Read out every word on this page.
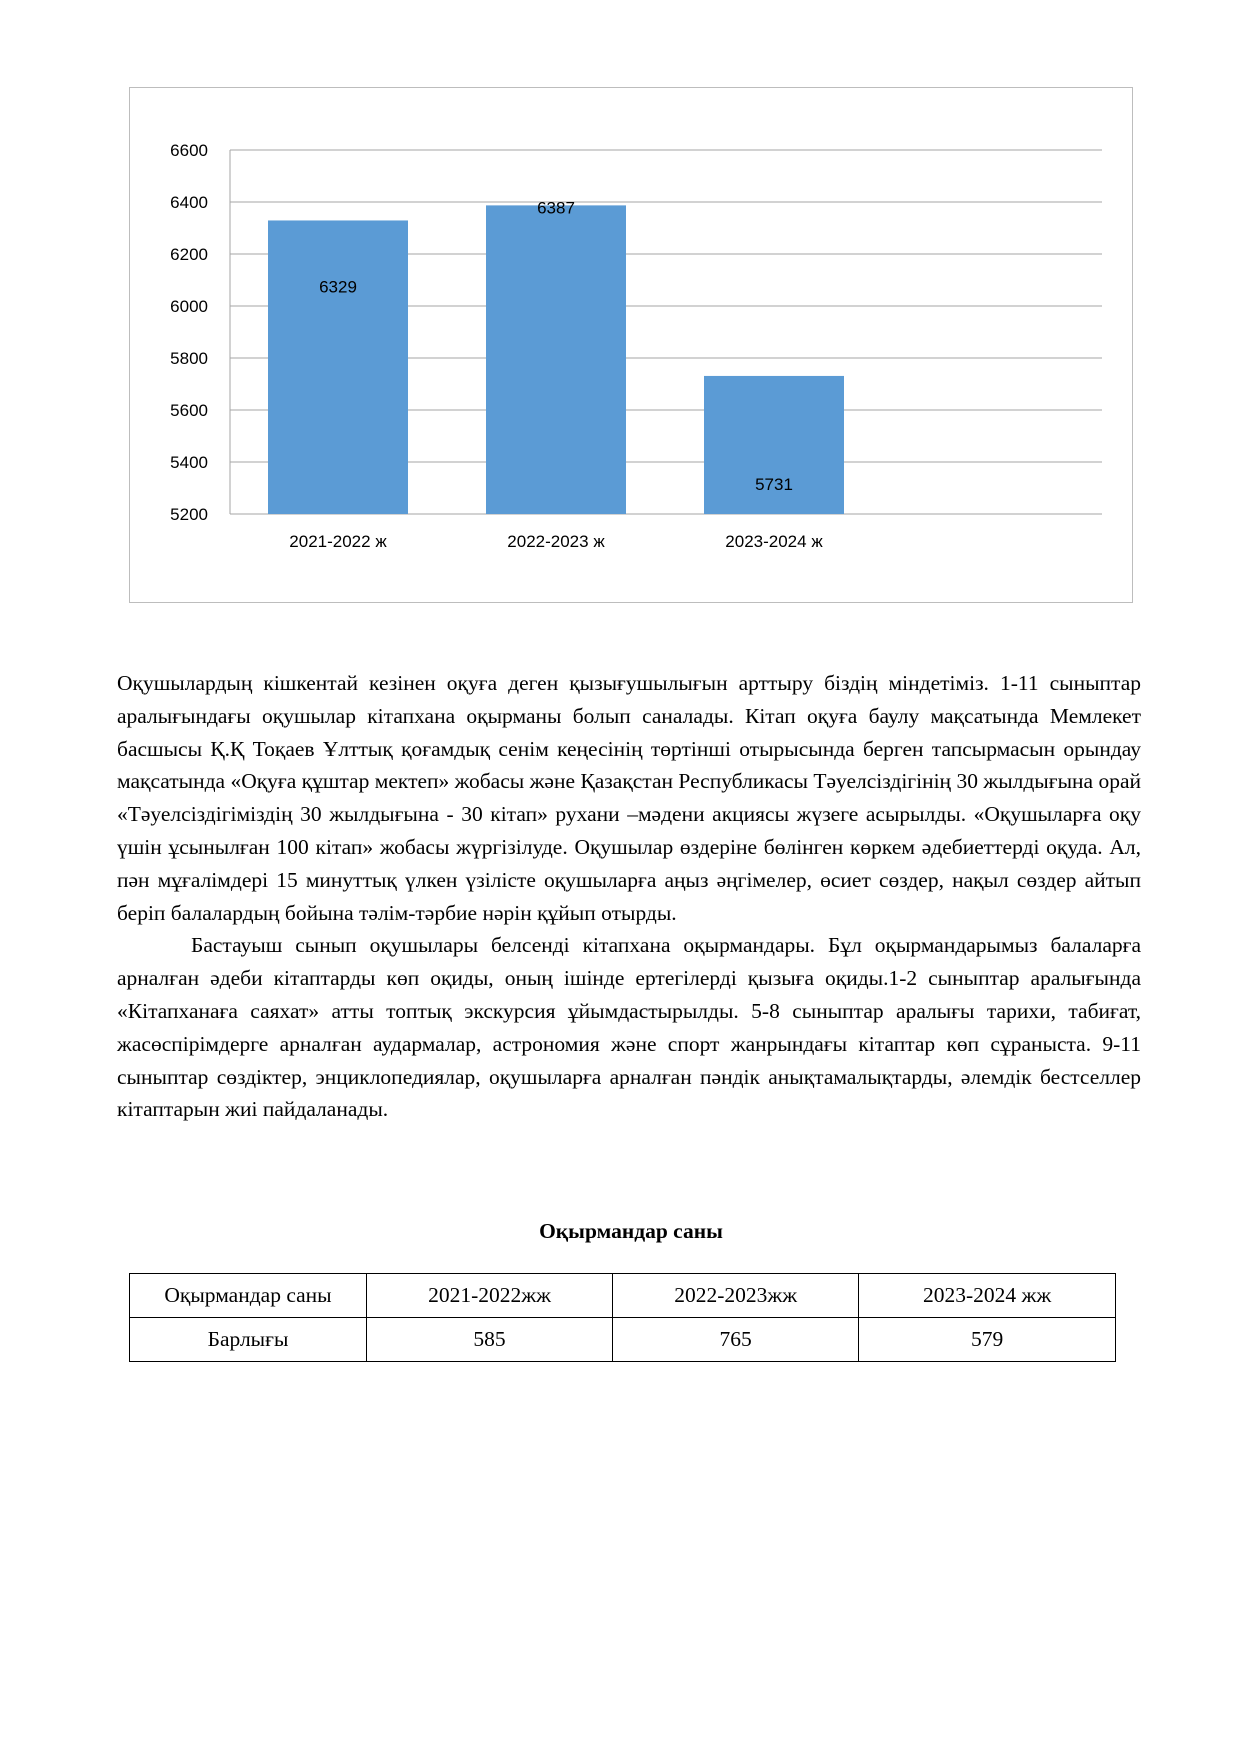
5200
5400
5600
5800
6000
6200
6400
6600
6329
2021-2022 ж
6387
2022-2023 ж
5731
2023-2024 ж

Оқушылардың кішкентай кезінен оқуға деген қызығушылығын арттыру біздің міндетіміз. 1-11 сыныптар аралығындағы оқушылар кітапхана оқырманы болып саналады. Кітап оқуға баулу мақсатында Мемлекет басшысы Қ.Қ Тоқаев Ұлттық қоғамдық сенім кеңесінің төртінші отырысында берген тапсырмасын орындау мақсатында «Оқуға құштар мектеп» жобасы және Қазақстан Республикасы Тәуелсіздігінің 30 жылдығына орай «Тәуелсіздігіміздің 30 жылдығына - 30 кітап» рухани –мәдени акциясы жүзеге асырылды. «Оқушыларға оқу үшін ұсынылған 100 кітап» жобасы жүргізілуде. Оқушылар өздеріне бөлінген көркем әдебиеттерді оқуда. Ал, пән мұғалімдері 15 минуттық үлкен үзілісте оқушыларға аңыз әңгімелер, өсиет сөздер, нақыл сөздер айтып беріп балалардың бойына тәлім-тәрбие нәрін құйып отырды.

Бастауыш сынып оқушылары белсенді кітапхана оқырмандары. Бұл оқырмандарымыз балаларға арналған әдеби кітаптарды көп оқиды, оның ішінде ертегілерді қызыға оқиды.1-2 сыныптар аралығында «Кітапханаға саяхат» атты топтық экскурсия ұйымдастырылды. 5-8 сыныптар аралығы тарихи, табиғат, жасөспірімдерге арналған аудармалар, астрономия және спорт жанрындағы кітаптар көп сұраныста. 9-11 сыныптар сөздіктер, энциклопедиялар, оқушыларға арналған пәндік анықтамалықтарды, әлемдік бестселлер кітаптарын жиі пайдаланады.

Оқырмандар саны
Оқырмандар саны	2021-2022жж	2022-2023жж	2023-2024 жж
Барлығы	585	765	579
